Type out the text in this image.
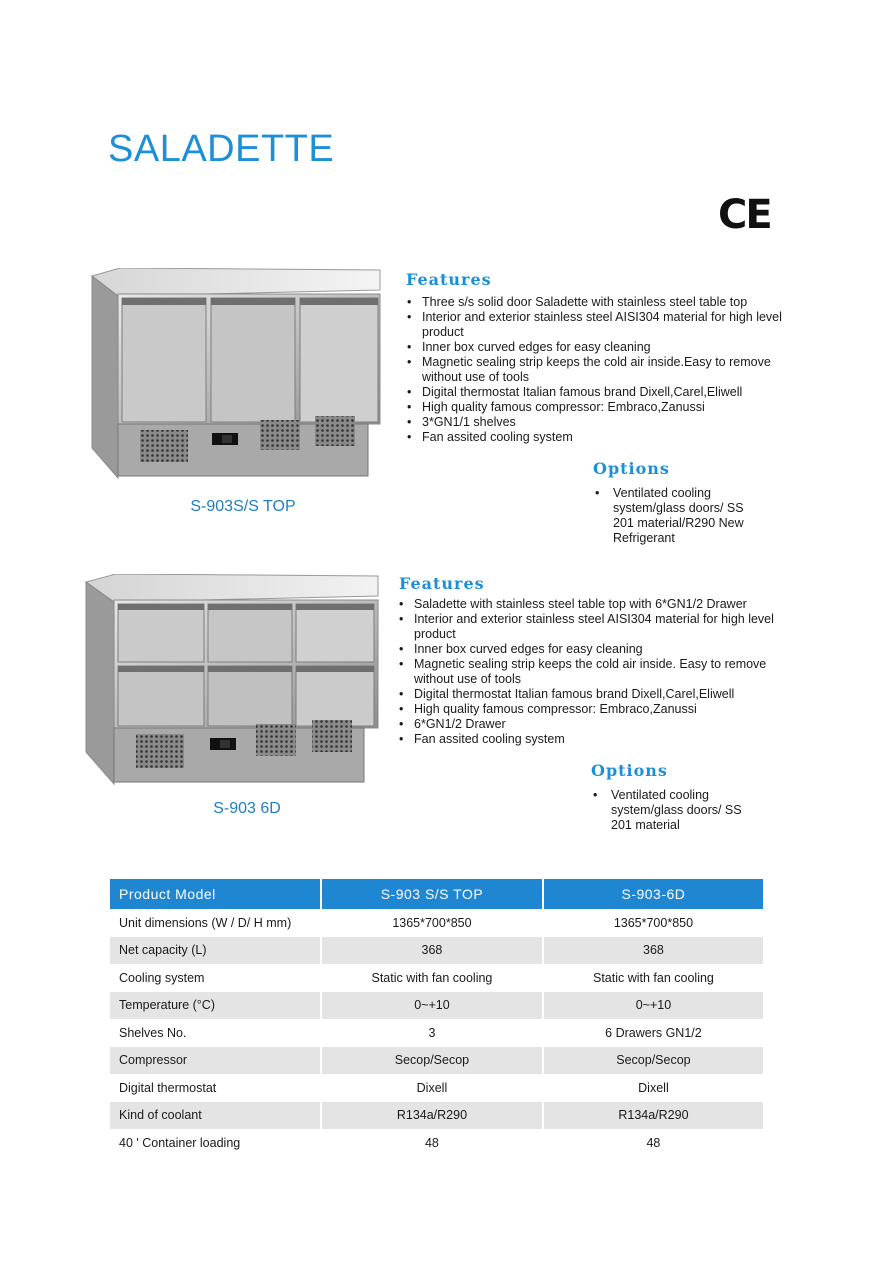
SALADETTE
CE
S-903S/S TOP
Features
• Three s/s solid door Saladette with stainless steel table top
• Interior and exterior stainless steel AISI304 material for high level product
• Inner box curved edges for easy cleaning
• Magnetic sealing strip keeps the cold air inside.Easy to remove without use of tools
• Digital thermostat Italian famous brand Dixell,Carel,Eliwell
• High quality famous compressor: Embraco,Zanussi
• 3*GN1/1 shelves
• Fan assited cooling system
Options
• Ventilated cooling system/glass doors/ SS 201 material/R290 New Refrigerant
S-903 6D
Features
• Saladette with stainless steel table top with 6*GN1/2 Drawer
• Interior and exterior stainless steel AISI304 material for high level product
• Inner box curved edges for easy cleaning
• Magnetic sealing strip keeps the cold air inside. Easy to remove without use of tools
• Digital thermostat Italian famous brand Dixell,Carel,Eliwell
• High quality famous compressor: Embraco,Zanussi
• 6*GN1/2 Drawer
• Fan assited cooling system
Options
• Ventilated cooling system/glass doors/ SS 201 material
Product Model	S-903 S/S TOP	S-903-6D
Unit dimensions (W / D/ H mm)	1365*700*850	1365*700*850
Net capacity (L)	368	368
Cooling system	Static with fan cooling	Static with fan cooling
Temperature (°C)	0~+10	0~+10
Shelves No.	3	6 Drawers GN1/2
Compressor	Secop/Secop	Secop/Secop
Digital thermostat	Dixell	Dixell
Kind of coolant	R134a/R290	R134a/R290
40 ' Container loading	48	48
